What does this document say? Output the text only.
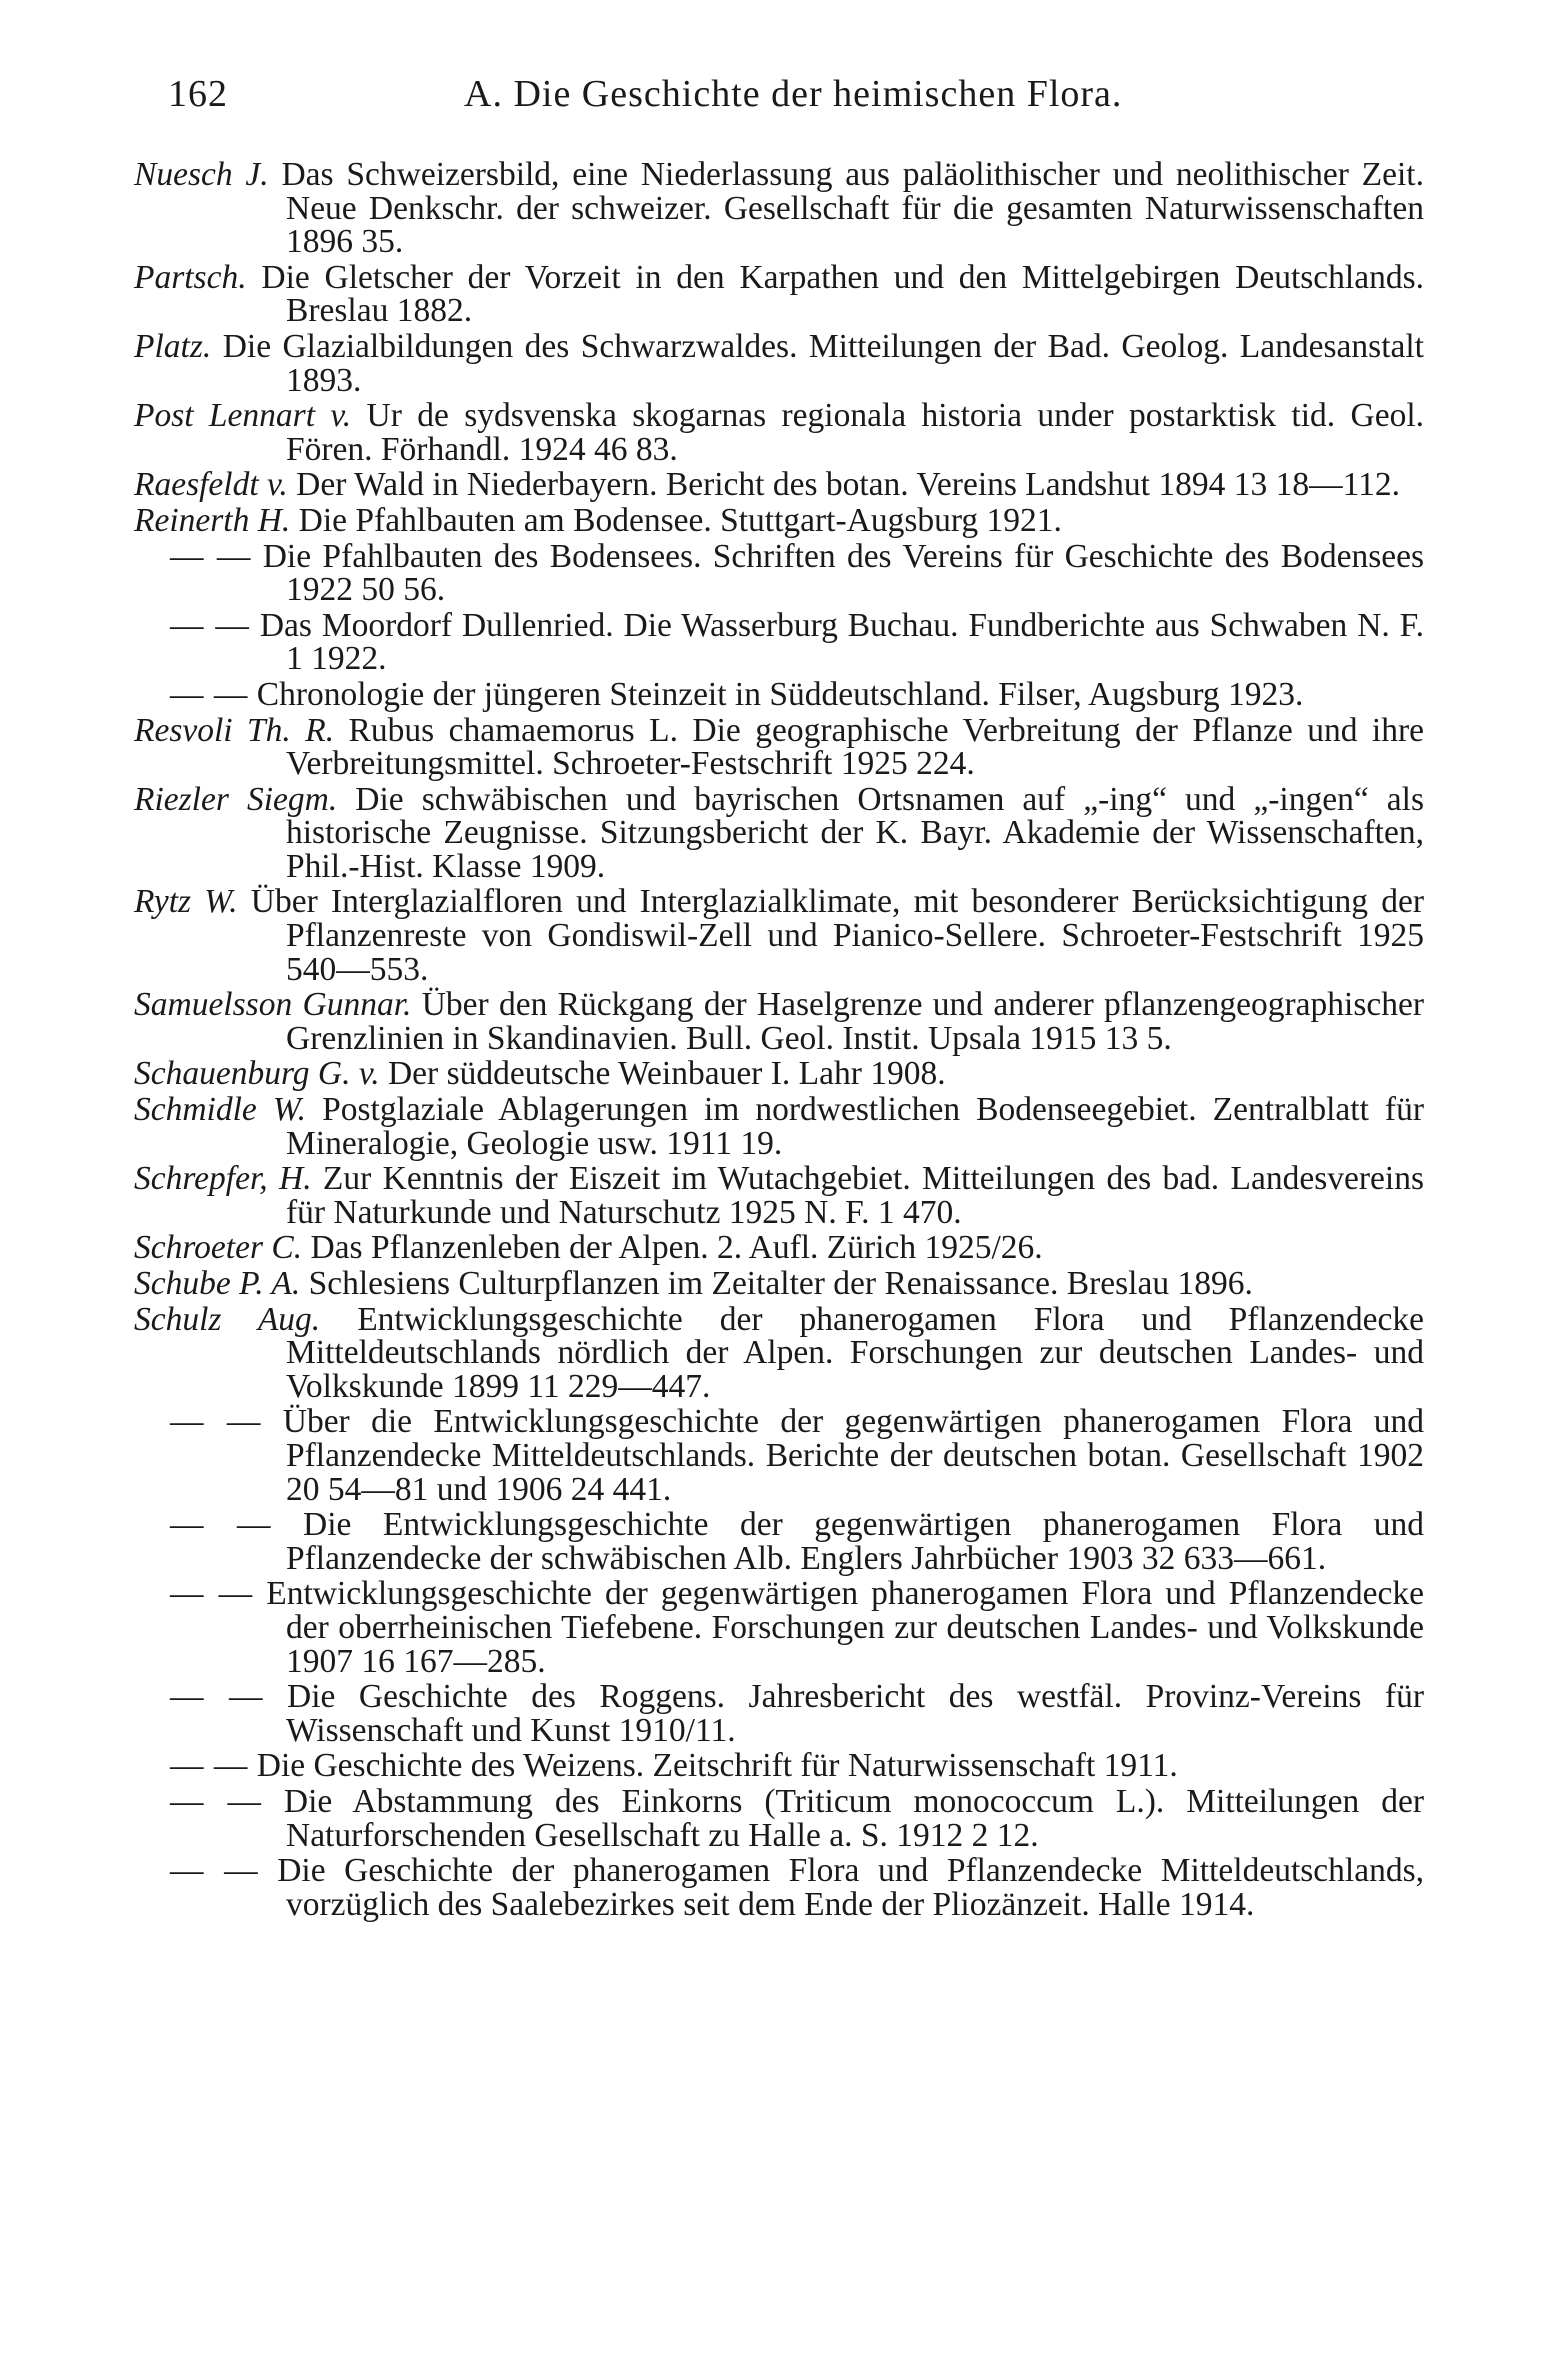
162	A. Die Geschichte der heimischen Flora.

Nuesch J. Das Schweizersbild, eine Niederlassung aus paläolithischer und neolithischer Zeit. Neue Denkschr. der schweizer. Gesellschaft für die gesamten Naturwissenschaften 1896 35.

Partsch. Die Gletscher der Vorzeit in den Karpathen und den Mittelgebirgen Deutschlands. Breslau 1882.

Platz. Die Glazialbildungen des Schwarzwaldes. Mitteilungen der Bad. Geolog. Landesanstalt 1893.

Post Lennart v. Ur de sydsvenska skogarnas regionala historia under postarktisk tid. Geol. Fören. Förhandl. 1924 46 83.

Raesfeldt v. Der Wald in Niederbayern. Bericht des botan. Vereins Landshut 1894 13 18—112.

Reinerth H. Die Pfahlbauten am Bodensee. Stuttgart-Augsburg 1921.

— — Die Pfahlbauten des Bodensees. Schriften des Vereins für Geschichte des Bodensees 1922 50 56.

— — Das Moordorf Dullenried. Die Wasserburg Buchau. Fundberichte aus Schwaben N. F. 1 1922.

— — Chronologie der jüngeren Steinzeit in Süddeutschland. Filser, Augsburg 1923.

Resvoli Th. R. Rubus chamaemorus L. Die geographische Verbreitung der Pflanze und ihre Verbreitungsmittel. Schroeter-Festschrift 1925 224.

Riezler Siegm. Die schwäbischen und bayrischen Ortsnamen auf „-ing“ und „-ingen“ als historische Zeugnisse. Sitzungsbericht der K. Bayr. Akademie der Wissenschaften, Phil.-Hist. Klasse 1909.

Rytz W. Über Interglazialfloren und Interglazialklimate, mit besonderer Berücksichtigung der Pflanzenreste von Gondiswil-Zell und Pianico-Sellere. Schroeter-Festschrift 1925 540—553.

Samuelsson Gunnar. Über den Rückgang der Haselgrenze und anderer pflanzengeographischer Grenzlinien in Skandinavien. Bull. Geol. Instit. Upsala 1915 13 5.

Schauenburg G. v. Der süddeutsche Weinbauer I. Lahr 1908.

Schmidle W. Postglaziale Ablagerungen im nordwestlichen Bodenseegebiet. Zentralblatt für Mineralogie, Geologie usw. 1911 19.

Schrepfer, H. Zur Kenntnis der Eiszeit im Wutachgebiet. Mitteilungen des bad. Landesvereins für Naturkunde und Naturschutz 1925 N. F. 1 470.

Schroeter C. Das Pflanzenleben der Alpen. 2. Aufl. Zürich 1925/26.

Schube P. A. Schlesiens Culturpflanzen im Zeitalter der Renaissance. Breslau 1896.

Schulz Aug. Entwicklungsgeschichte der phanerogamen Flora und Pflanzendecke Mitteldeutschlands nördlich der Alpen. Forschungen zur deutschen Landes- und Volkskunde 1899 11 229—447.

— — Über die Entwicklungsgeschichte der gegenwärtigen phanerogamen Flora und Pflanzendecke Mitteldeutschlands. Berichte der deutschen botan. Gesellschaft 1902 20 54—81 und 1906 24 441.

— — Die Entwicklungsgeschichte der gegenwärtigen phanerogamen Flora und Pflanzendecke der schwäbischen Alb. Englers Jahrbücher 1903 32 633—661.

— — Entwicklungsgeschichte der gegenwärtigen phanerogamen Flora und Pflanzendecke der oberrheinischen Tiefebene. Forschungen zur deutschen Landes- und Volkskunde 1907 16 167—285.

— — Die Geschichte des Roggens. Jahresbericht des westfäl. Provinz-Vereins für Wissenschaft und Kunst 1910/11.

— — Die Geschichte des Weizens. Zeitschrift für Naturwissenschaft 1911.

— — Die Abstammung des Einkorns (Triticum monococcum L.). Mitteilungen der Naturforschenden Gesellschaft zu Halle a. S. 1912 2 12.

— — Die Geschichte der phanerogamen Flora und Pflanzendecke Mitteldeutschlands, vorzüglich des Saalebezirkes seit dem Ende der Pliozänzeit. Halle 1914.
